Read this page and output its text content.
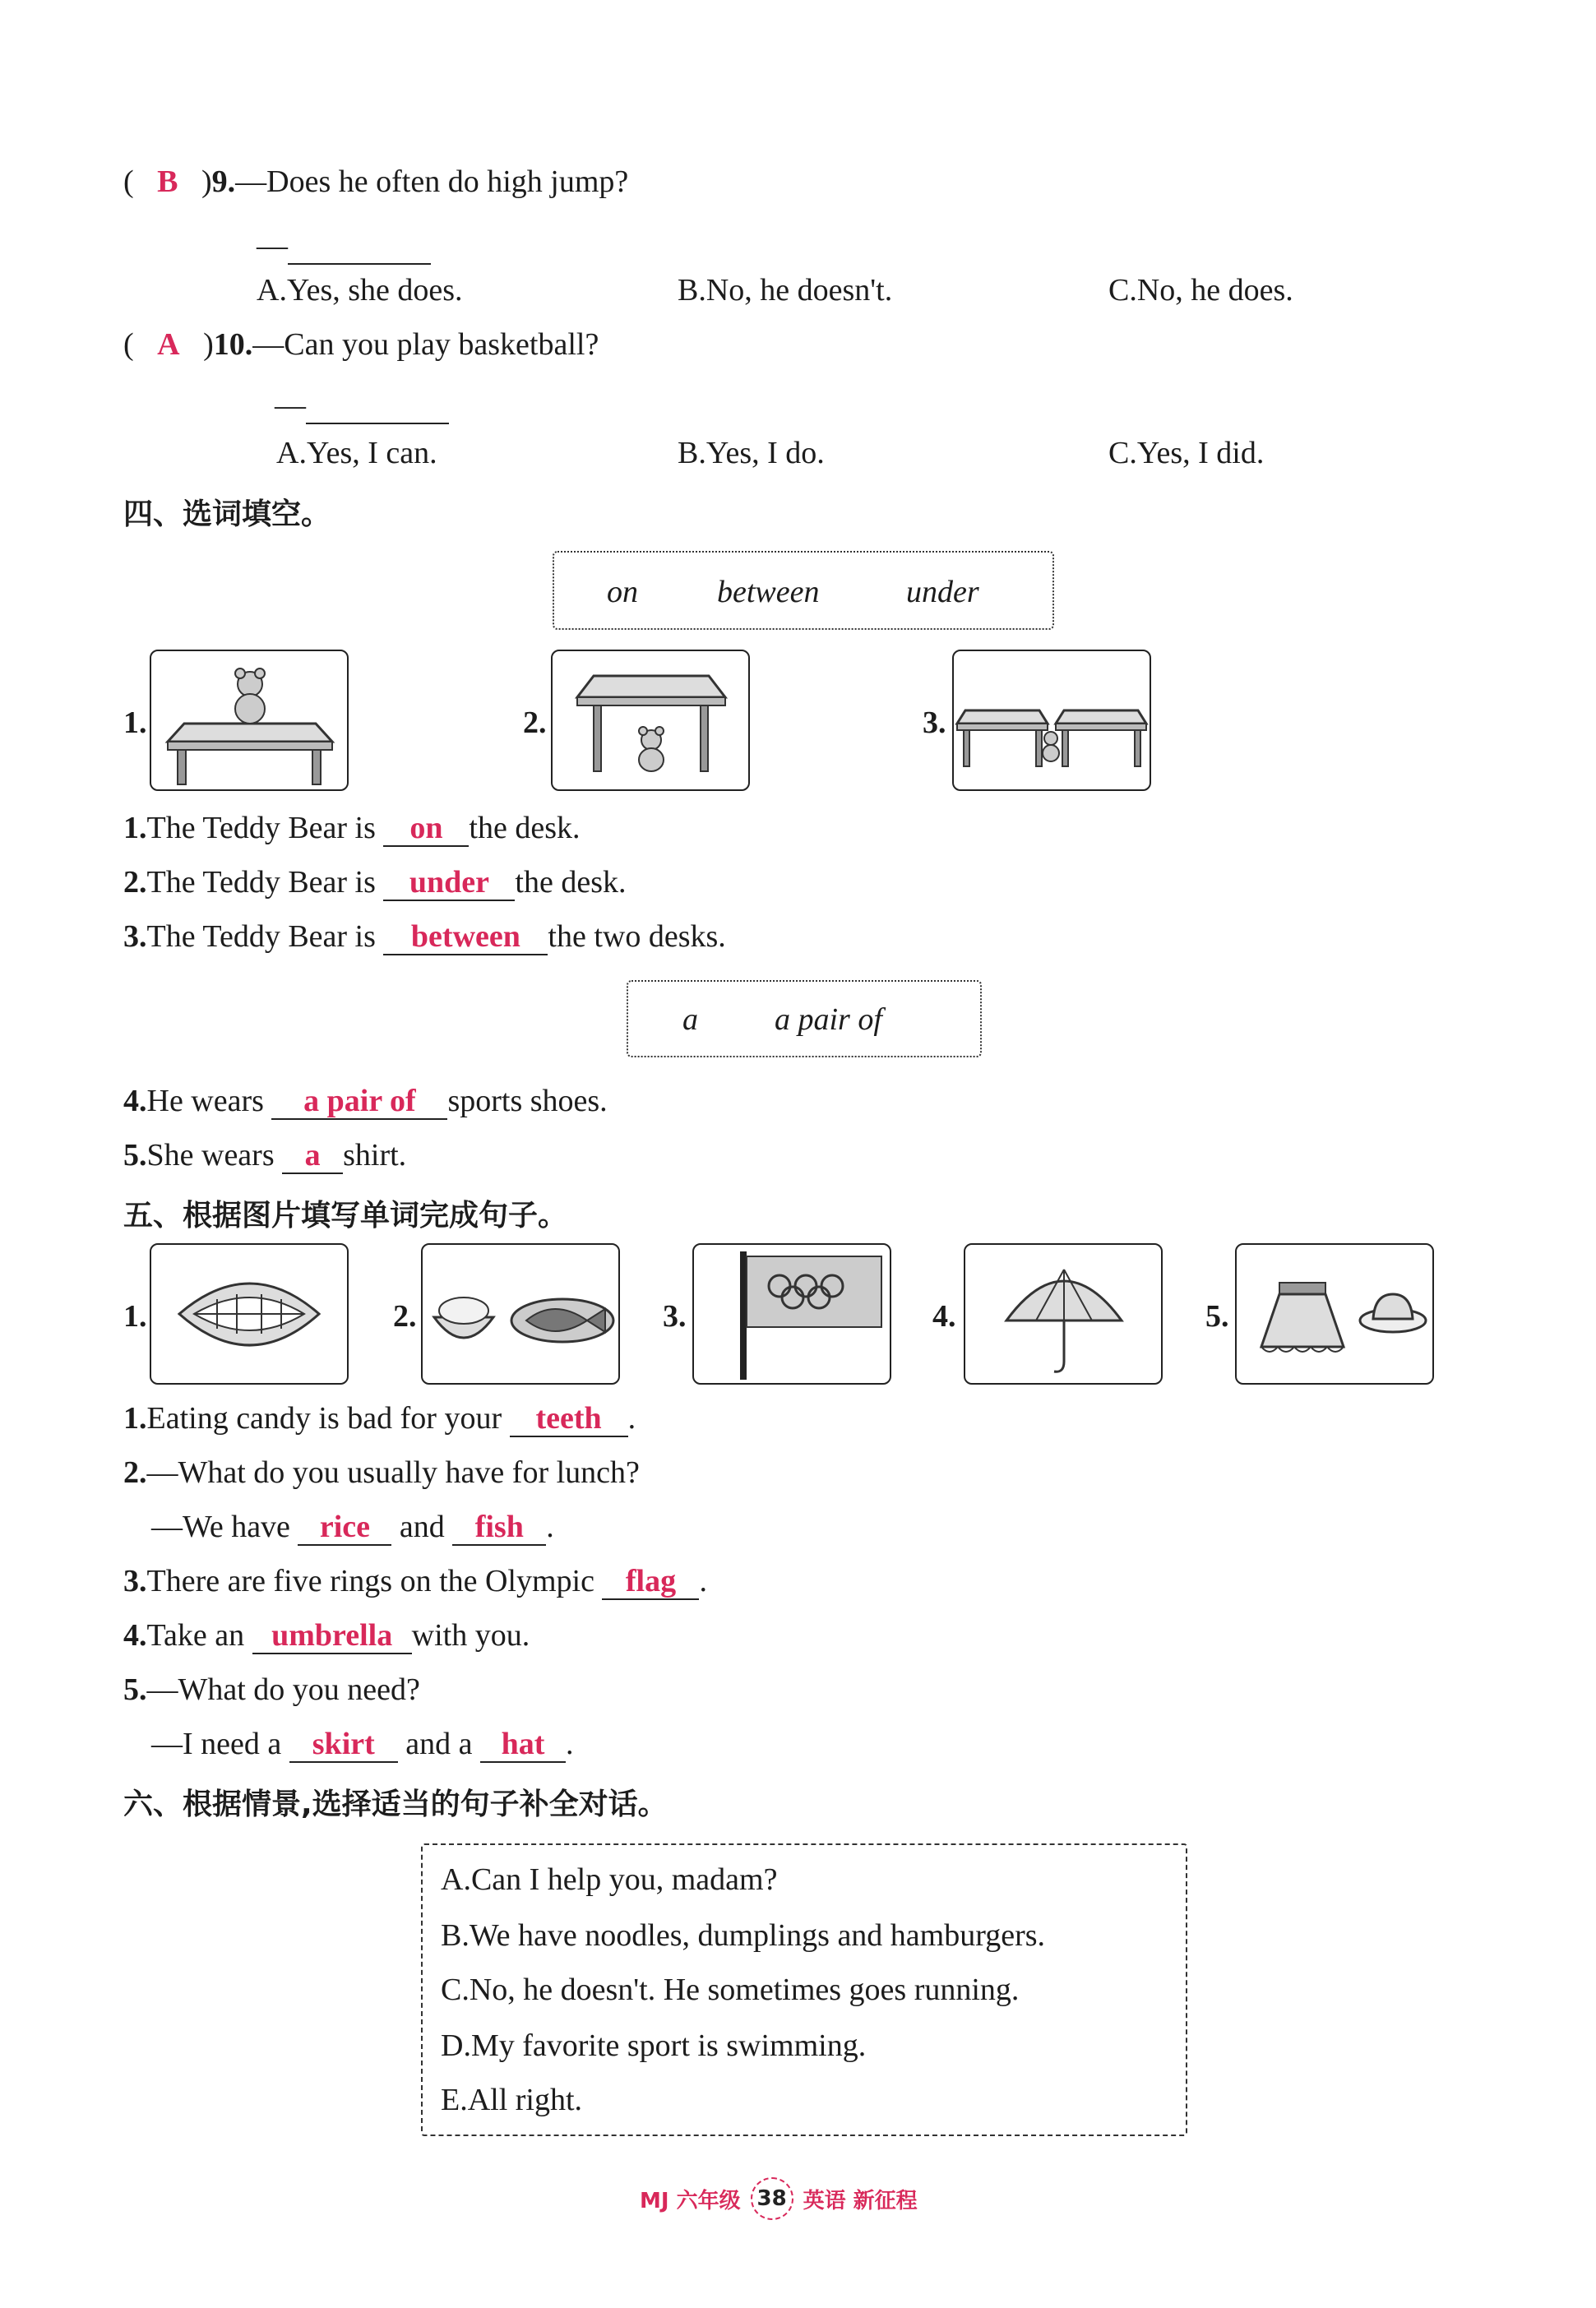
( B )9.—Does he often do high jump?
—
A.Yes, she does.	B.No, he doesn't.	C.No, he does.
( A )10.—Can you play basketball?
—
A.Yes, I can.	B.Yes, I do.	C.Yes, I did.
四、选词填空。
on	between	under
1.	2.	3.
1.The Teddy Bear is on the desk.
2.The Teddy Bear is under the desk.
3.The Teddy Bear is between the two desks.
a a pair of
4.He wears a pair of sports shoes.
5.She wears a shirt.
五、根据图片填写单词完成句子。
1.	2.	3.	4.	5.
1.Eating candy is bad for your teeth .
2.—What do you usually have for lunch?
—We have rice and fish .
3.There are five rings on the Olympic flag .
4.Take an umbrella with you.
5.—What do you need?
—I need a skirt and a hat .
六、根据情景,选择适当的句子补全对话。
A.Can I help you, madam?
B.We have noodles, dumplings and hamburgers.
C.No, he doesn't. He sometimes goes running.
D.My favorite sport is swimming.
E.All right.
MJ 六年级 38 英语 新征程
